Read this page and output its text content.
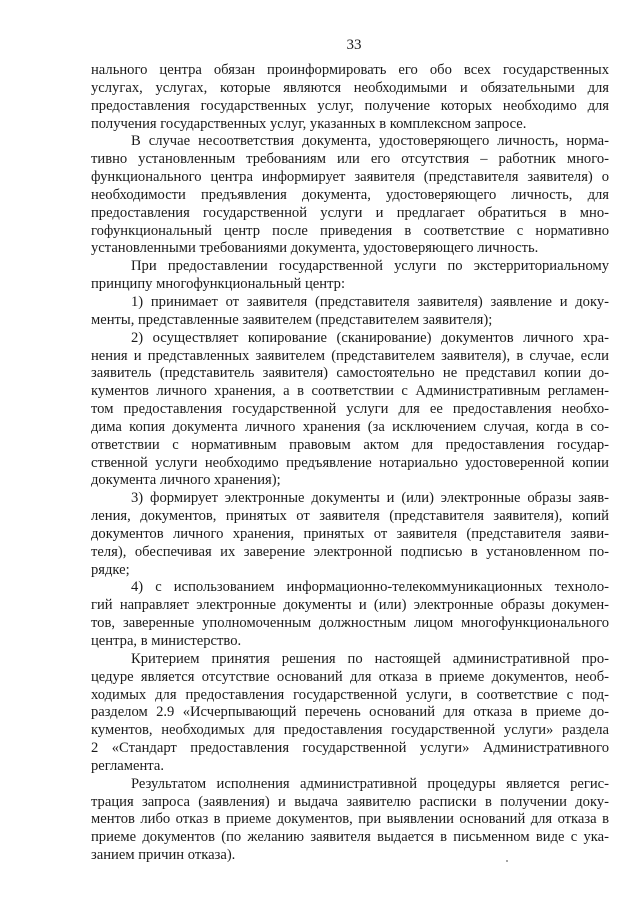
33

нального центра обязан проинформировать его обо всех государственных
услугах, услугах, которые являются необходимыми и обязательными для
предоставления государственных услуг, получение которых необходимо для
получения государственных услуг, указанных в комплексном запросе.

В случае несоответствия документа, удостоверяющего личность, норма-
тивно установленным требованиям или его отсутствия – работник много-
функционального центра информирует заявителя (представителя заявителя) о
необходимости предъявления документа, удостоверяющего личность, для
предоставления государственной услуги и предлагает обратиться в мно-
гофункциональный центр после приведения в соответствие с нормативно
установленными требованиями документа, удостоверяющего личность.

При предоставлении государственной услуги по экстерриториальному
принципу многофункциональный центр:

1) принимает от заявителя (представителя заявителя) заявление и доку-
менты, представленные заявителем (представителем заявителя);

2) осуществляет копирование (сканирование) документов личного хра-
нения и представленных заявителем (представителем заявителя), в случае, если
заявитель (представитель заявителя) самостоятельно не представил копии до-
кументов личного хранения, а в соответствии с Административным регламен-
том предоставления государственной услуги для ее предоставления необхо-
дима копия документа личного хранения (за исключением случая, когда в со-
ответствии с нормативным правовым актом для предоставления государ-
ственной услуги необходимо предъявление нотариально удостоверенной копии
документа личного хранения);

3) формирует электронные документы и (или) электронные образы заяв-
ления, документов, принятых от заявителя (представителя заявителя), копий
документов личного хранения, принятых от заявителя (представителя заяви-
теля), обеспечивая их заверение электронной подписью в установленном по-
рядке;

4) с использованием информационно-телекоммуникационных техноло-
гий направляет электронные документы и (или) электронные образы докумен-
тов, заверенные уполномоченным должностным лицом многофункционального
центра, в министерство.

Критерием принятия решения по настоящей административной про-
цедуре является отсутствие оснований для отказа в приеме документов, необ-
ходимых для предоставления государственной услуги, в соответствие с под-
разделом 2.9 «Исчерпывающий перечень оснований для отказа в приеме до-
кументов, необходимых для предоставления государственной услуги» раздела
2 «Стандарт предоставления государственной услуги» Административного
регламента.

Результатом исполнения административной процедуры является регис-
трация запроса (заявления) и выдача заявителю расписки в получении доку-
ментов либо отказ в приеме документов, при выявлении оснований для отказа в
приеме документов (по желанию заявителя выдается в письменном виде с ука-
занием причин отказа).
